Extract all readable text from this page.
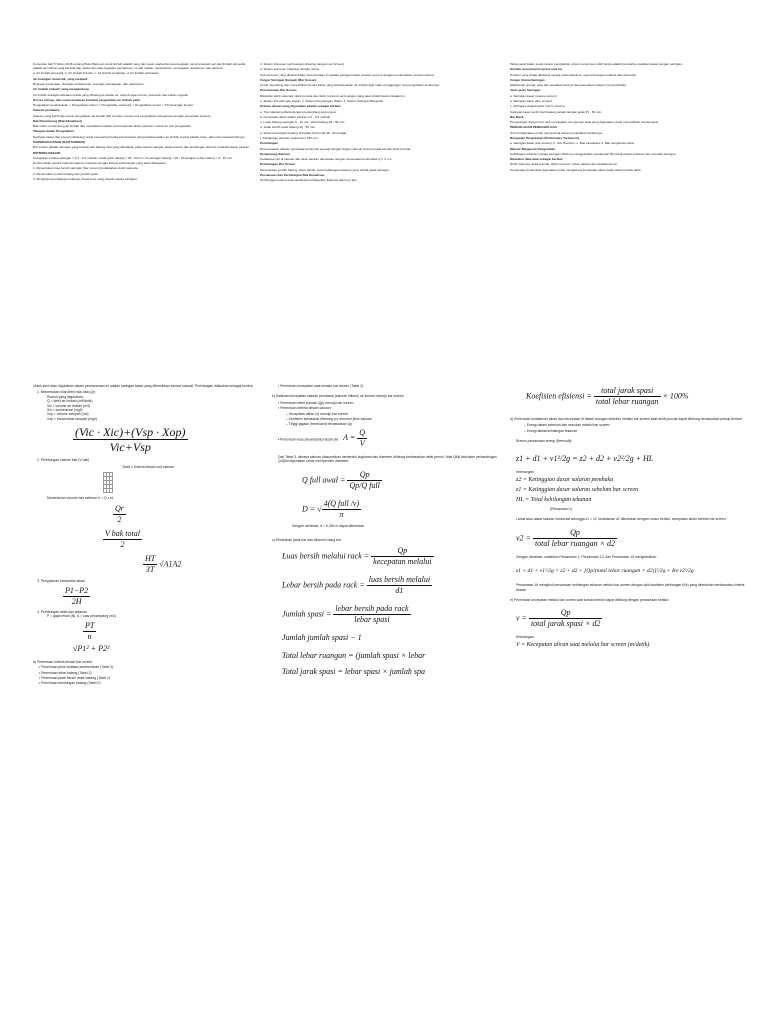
Kumpulan bab 5 Tahun 2016 tentang Buku Baku air untuk limbah adalah yang dari suatu usaha dan atau kegiatan yang berwujud cair dari limbah domestik adalah air limbah yang berasal dari usaha dan atau kegiatan pemukiman, rumah makan, perkantoran, perniagaan, apartemen dan asrama.

a. Air limbah domestik, b. Air limbah industri, c. Air limbah pertanian, d. Air limbah perkotaan.

Air buangan domestik, yang meliputi:

Buangan perkotaan, buangan perkantoran, buangan perniagaan, dan apartemen.

Air limbah industri yang mengandung

Air limbah sebagai substansi toksik yang dibuang ke badan air, seperti logam berat, pestisida, dan bahan organik.

Proses intinya, dari suatu kesatuan instalasi pengolahan air limbah yaitu:

Pengolahan pendahuluan > Pengolahan primer > Pengolahan sekunder > Pengolahan tersier > Pembuangan lumpur.

Saluran pembawa

Saluran yang berfungsi untuk mengalirkan air limbah dari sumber menuju unit pengolahan selanjutnya dengan kecepatan tertentu.

Bak Penampung (Bak Ekualisasi)

Bak untuk menampung air limbah dan meratakan kualitas serta kuantitas aliran sebelum masuk ke unit pengolahan.

Tahapan dalam Pengolahan:

Saringan kasar (bar screen) dipasang untuk menyaring benda-benda kasar yang terbawa dalam air limbah seperti plastik, kayu, daun dan sampah lainnya.

SARINGAN KASAR (BAR SCREEN)

Bar screen adalah saringan yang terbuat dari batang besi yang diletakkan pada saluran dengan jarak tertentu dan kemiringan tertentu terhadap dasar saluran.

KRITERIA DESAIN

Kecepatan melalui saringan = 0,3 - 0,6 m/detik; Jarak antar batang = 25 - 50 mm; Kemiringan batang = 45 - 60 derajat; Lebar batang = 5 - 15 mm.

Pembersihan secara manual maupun mekanis dengan kriteria perhitungan yang telah ditetapkan.

1. Menentukan luas bersih saringan (bar screen) berdasarkan debit rata-rata.

2. Menentukan jumlah batang dan jumlah spasi.

3. Menghitung kehilangan tekanan (head loss) yang terjadi melalui saringan.

3. Sistem Screener (air buangan disaring dengan set Screen)

4. Sistem Screener (disaring dengan sieve)

Unit screener yang dipakai dalam perencanaan ini adalah saringan kasar (coarse screen) dengan pembersihan secara manual.

Fungsi Saringan Sampah (Bar Screen)

Untuk menyaring dan menyisihkan benda kasar yang terbawa aliran air limbah agar tidak mengganggu unit pengolahan berikutnya.

Perencanaan Bar Screen

Diketahui debit rata-rata, debit puncak dan debit minimum air buangan yang akan diolah pada instalasi ini.

1. Sistem Penyaringan Kasar; 2. Sistem Penyaringan Halus; 3. Sistem Saringan Bergerak.

Kriteria desain yang digunakan adalah sebagai berikut:

a. Tipe saluran terbuka dengan penampang segi empat.

b. Kecepatan aliran dalam saluran 0,3 - 0,6 m/detik.

c. Lebar batang saringan 5 - 15 mm, tebal batang 25 - 38 mm.

d. Jarak bersih antar batang 25 - 50 mm.

e. Sudut kemiringan batang terhadap horizontal 45 - 60 derajat.

f. Kehilangan tekanan maksimum 150 mm.

Perhitungan

Direncanakan saluran pembawa berbentuk persegi dengan tinggi muka air tertentu pada kondisi debit puncak.

Penampang Saluran

Kedalaman air di saluran dan lebar saluran ditentukan dengan persamaan kontinuitas Q = V x A.

Perhitungan Bar Screen

Menentukan jumlah batang, lebar bersih, serta kehilangan tekanan yang terjadi pada saringan.

Persamaan dan Perhitungan Bak Ekualisasi

Perhitungan volume bak ekualisasi berdasarkan fluktuasi debit per jam.

Tahap awal dalam suatu sistem pengolahan untuk memproses lebih lanjut adalah pemisahan padatan kasar dengan saringan.

Sumber pencemaran (point source)

Sumber yang dapat diketahui secara pasti lokasinya, seperti buangan industri dan domestik.

Fungsi Utama Saringan

Melindungi pompa, pipa dan peralatan lainnya dari kerusakan maupun penyumbatan.

Jenis-jenis Saringan:

a. Saringan kasar (coarse screen)

b. Saringan halus (fine screen)

c. Saringan sangat halus (micro screen)

Saringan kasar terdiri dari batang paralel dengan jarak 25 - 50 mm.

Bar Rack

Penyaringan dengan bar rack merupakan unit operasi awal yang digunakan untuk menyisihkan benda kasar.

PENGOLAHAN PENDAHULUAN

Unit ini digunakan untuk mengurangi beban pengolahan berikutnya.

Bangunan Pengolahan (Preliminary Treatment)

a. Saringan kasar (bar screen); b. Grit chamber; c. Bak ekualisasi; d. Bak pengendap awal.

Metode Bangunan Pengolahan

Kehilangan tekanan melalui saringan dihitung menggunakan persamaan Bernoulli antara sebelum dan sesudah saringan.

Diketahui data-data sebagai berikut:

Debit rata-rata, debit puncak, debit minimum, lebar saluran dan kedalaman air.

Persamaan kontinuitas digunakan untuk menghitung kecepatan aliran pada setiap kondisi debit.

Untuk kecil atau digunakan dalam perencanaan ini adalah saringan kasar yang dibersihkan secara manual. Perhitungan dilakukan sebagai berikut:

1. Menentukan nilai debit rata-rata (Qr)
Rumus yang digunakan:
Q = debit air limbah (m3/detik)
Vic = volume air limbah (m3)
Xic = konsentrasi (mg/l)
Vsp = volume sampah (m3)
Xop = konsentrasi sampah (mg/l)
$\frac{\text{(Vic · Xic)+(Vsp · Xop)}}{\text{Vic+Vsp}}$
2. Perhitungan volume bak (V bak)
Tabel 1 Kriteria desain unit saluran

Menentukan volume bak sebesar V = Q x td
$\frac{Qr}{2}$
$\frac{\text{V bak total}}{2}$
$\frac{HT}{3T} √A1A2$
3. Pengukuran kecepatan aliran
$\frac{P1-P2}{2H}$
4. Perhitungan debit dan tekanan
P = gaya tekan (N), A = luas penampang (m2)
$\frac{PT}{n}$
√P1² + P2²
a) Penentuan kriteria desain bar screen
• Penentuan jenis instalasi pembersihan (Tabel 2)
• Penentuan lebar batang (Tabel 2)
• Penentuan jarak bersih antar batang (Tabel 2)
• Penentuan kemiringan batang (Tabel 2)
• Penentuan kecepatan saat melalui bar screen (Tabel 2)
b) Kalkulasi kecepatan saluran pembawa (saluran influen) air limbah menuju bar screen
• Penentuan debit puncak (Qp) menuju bar screen
• Penentuan kriteria desain saluran:
– Kecepatan aliran (v) menuju bar screen
– Koefisien kekasaran Manning (n) menurut jenis saluran
– Tinggi jagaan (freeboard) berdasarkan Qp
• Penentuan luas penampang basah (A) $A = \frac{Q}{V}$

Dari Tabel 3, dimana saluran diasumsikan berbentuk lingkaran dan diameter dihitung berdasarkan debit penuh. Nilai Qfull dari tabel perbandingan Q/Qfull digunakan untuk memperoleh diameter.

Q full awal = $\frac{Qp}{\text{Qp/Q full}}$
D = √ $\frac{\text{4(Q full /v)}}{\pi}$
Dengan demikian, d = 0,304 m dapat ditentukan
c) Penentuan jarak bar dan dimensi ruang bar
Luas bersih melalui rack = $\frac{Qp}{\text{kecepatan melalui}}$
Lebar bersih pada rack = $\frac{\text{luas bersih melalui}}{d1}$
Jumlah spasi = $\frac{\text{lebar bersih pada rack}}{\text{lebar spasi}}$
Jumlah jumlah spasi − 1
Total lebar ruangan = (jumlah spasi × lebar
Total jarak spasi = lebar spasi × jumlah spa
Koefisien efisiensi = $\frac{\text{total jarak spasi}}{\text{total lebar ruangan}} \times 100\%$
d) Penentuan kedalaman aliran dan kecepatan di dalam ruangan sebelum melalui bar screen saat debit puncak dapat dihitung berdasarkan prinsip berikut:
– Energi dalam sebelum dan sesudah melalui bar screen
– Energi akibat kehilangan tekanan
Rumus persamaan energi (Bernoulli):
z1 + d1 + v1²/2g = z2 + d2 + v2²/2g + HL
Keterangan:
z2 = Ketinggian dasar saluran pembuka
z1 = Ketinggian dasar saluran sebelum bar screen
HL = Total kehilangan tekanan
(Persamaan 1)

Lantai atau dasar saluran horizontal sehingga z1 = z2, kedalaman d2 ditentukan dengan rumus berikut, kecepatan aliran setelah bar screen:

$v2 = \frac{Qp}{\text{total lebar ruangan × d2}}$

Dengan demikian, substitusi Persamaan 1, Persamaan 13, dan Persamaan 15 menghasilkan:

z1 + d1 + v1²/2g = z2 + d2 + [Qp/(total lebar ruangan × d2)]²/2g + Ke·v2²/2g

Persamaan 16 mengikuti persamaan kehilangan tekanan melalui bar screen dengan nilai koefisien kehilangan (Ke) yang ditentukan berdasarkan kriteria desain.

e) Penentuan kecepatan melalui bar screen saat kondisi bersih dapat dihitung dengan persamaan berikut:
$v = \frac{Qp}{\text{total jarak spasi × d2}}$
Keterangan:
V = Kecepatan aliran saat melalui bar screen (m/detik)
